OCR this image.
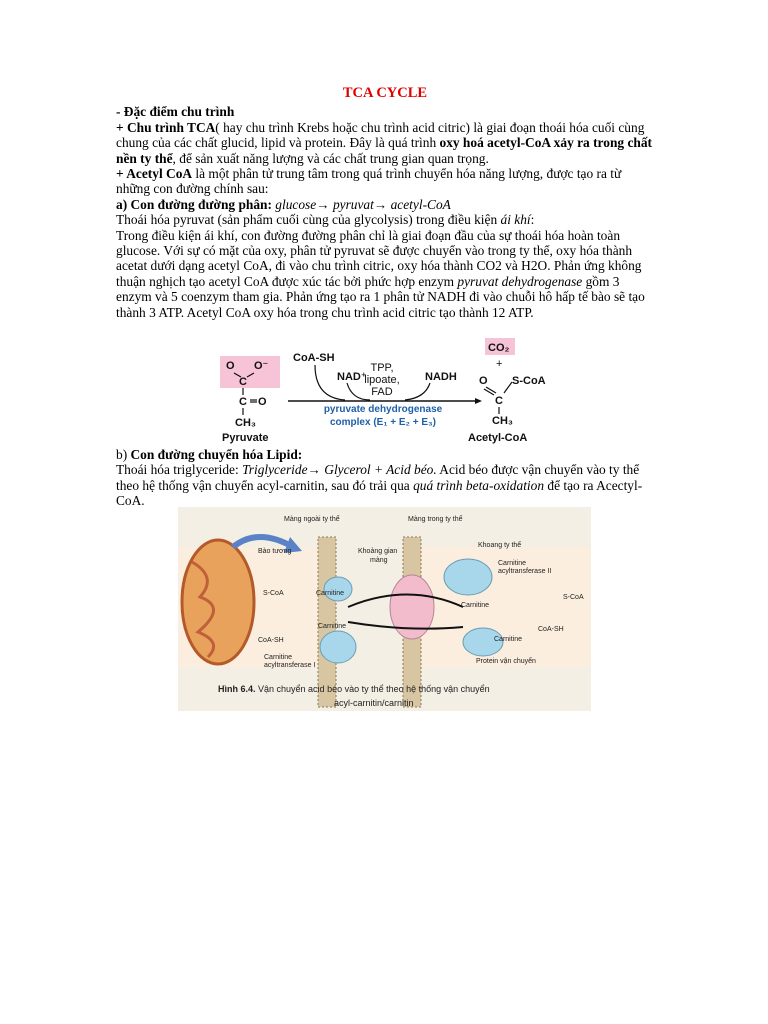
TCA CYCLE

- Đặc điểm chu trình

+ Chu trình TCA( hay chu trình Krebs hoặc chu trình acid citric) là giai đoạn thoái hóa cuối cùng chung của các chất glucid, lipid và protein. Đây là quá trình oxy hoá acetyl-CoA xảy ra trong chất nền ty thể, để sản xuất năng lượng và các chất trung gian quan trọng.

+ Acetyl CoA là một phân tử trung tâm trong quá trình chuyển hóa năng lượng, được tạo ra từ những con đường chính sau:

a) Con đường đường phân: glucose→ pyruvat→ acetyl-CoA

Thoái hóa pyruvat (sản phẩm cuối cùng của glycolysis) trong điều kiện ái khí:

Trong điều kiện ái khí, con đường đường phân chỉ là giai đoạn đầu của sự thoái hóa hoàn toàn glucose. Với sự có mặt của oxy, phân tử pyruvat sẽ được chuyển vào trong ty thể, oxy hóa thành acetat dưới dạng acetyl CoA, đi vào chu trình citric, oxy hóa thành CO2 và H2O. Phản ứng không thuận nghịch tạo acetyl CoA được xúc tác bởi phức hợp enzym pyruvat dehydrogenase gồm 3 enzym và 5 coenzym tham gia. Phản ứng tạo ra 1 phân tử NADH đi vào chuỗi hô hấp tế bào sẽ tạo thành 3 ATP. Acetyl CoA oxy hóa trong chu trình acid citric tạo thành 12 ATP.

O O⁻
C
C O
CH₃
CoA-SH
NAD⁺
TPP,
lipoate,
FAD
NADH
CO₂
+
O S-CoA
C
CH₃
Pyruvate	Acetyl-CoA
pyruvate dehydrogenase
complex (E₁ + E₂ + E₃)

b) Con đường chuyển hóa Lipid:

Thoái hóa triglyceride: Triglyceride→ Glycerol + Acid béo. Acid béo được vận chuyển vào ty thể theo hệ thống vận chuyển acyl-carnitin, sau đó trải qua quá trình beta-oxidation để tạo ra Acectyl-CoA.

Màng ngoài ty thể	Màng trong ty thể
Bào tương	Khoảng gian
màng
Khoang ty thể
Carnitine
acyltransferase II
S-CoA
S-CoA
Carnitine
Carnitine
Carnitine
Carnitine
CoA-SH
CoA-SH
Carnitine
acyltransferase I
Protein vận chuyển
Hình 6.4. Vận chuyển acid béo vào ty thể theo hệ thống vận chuyển
acyl-carnitin/carnitin
